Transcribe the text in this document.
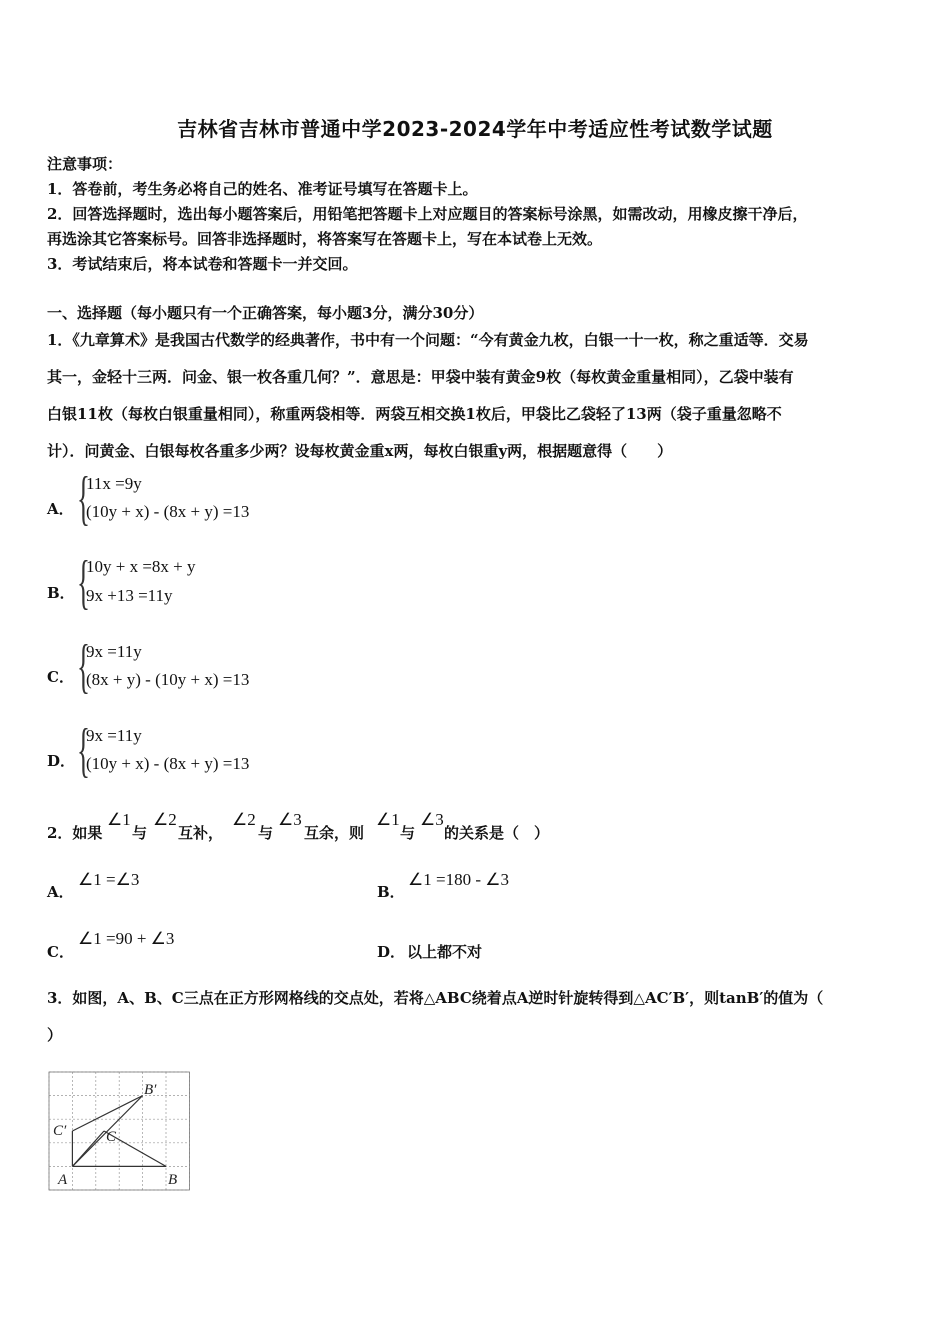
吉林省吉林市普通中学2023-2024学年中考适应性考试数学试题
注意事项：
1．答卷前，考生务必将自己的姓名、准考证号填写在答题卡上。
2．回答选择题时，选出每小题答案后，用铅笔把答题卡上对应题目的答案标号涂黑，如需改动，用橡皮擦干净后，
再选涂其它答案标号。回答非选择题时，将答案写在答题卡上，写在本试卷上无效。
3．考试结束后，将本试卷和答题卡一并交回。
一、选择题（每小题只有一个正确答案，每小题3分，满分30分）
1．《九章算术》是我国古代数学的经典著作，书中有一个问题：“今有黄金九枚，白银一十一枚，称之重适等．交易
其一，金轻十三两．问金、银一枚各重几何？”．意思是：甲袋中装有黄金9枚（每枚黄金重量相同），乙袋中装有
白银11枚（每枚白银重量相同），称重两袋相等．两袋互相交换1枚后，甲袋比乙袋轻了13两（袋子重量忽略不
计）．问黄金、白银每枚各重多少两？设每枚黄金重x两，每枚白银重y两，根据题意得（　　）
A． {
11x =9y
(10y + x) - (8x + y) =13
B． {
10y + x =8x + y
9x +13 =11y
C． {
9x =11y
(8x + y) - (10y + x) =13
D． {
9x =11y
(10y + x) - (8x + y) =13
2．如果
∠1
与
∠2
互补，
∠2
与
∠3
互余，则
∠1
与
∠3
的关系是（　）
A．
∠1 =∠3
B．
∠1 =180 - ∠3
C．
∠1 =90 + ∠3
D． 以上都不对
3．如图，A、B、C三点在正方形网格线的交点处，若将△ABC绕着点A逆时针旋转得到△AC′B′，则tanB′的值为（
）
A	B
C
B′
C′
